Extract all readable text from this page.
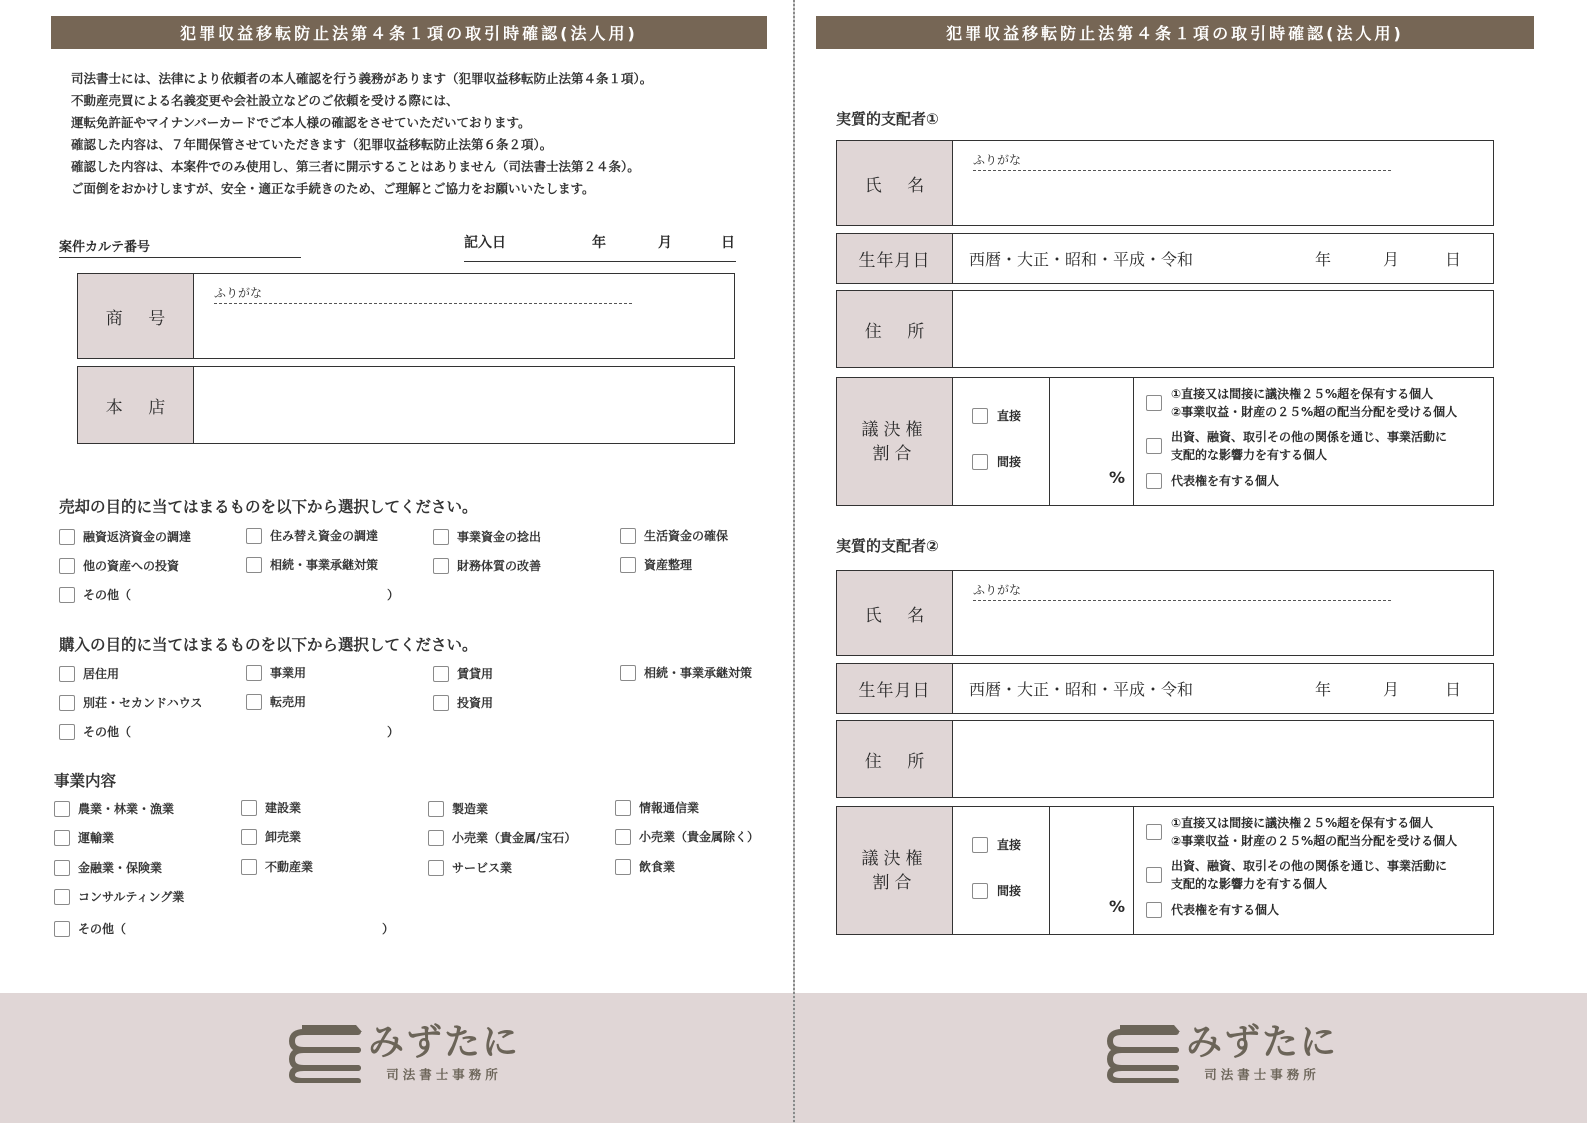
犯罪収益移転防止法第４条１項の取引時確認(法人用)
司法書士には、法律により依頼者の本人確認を行う義務があります（犯罪収益移転防止法第４条１項）。
不動産売買による名義変更や会社設立などのご依頼を受ける際には、
運転免許証やマイナンバーカードでご本人様の確認をさせていただいております。
確認した内容は、７年間保管させていただきます（犯罪収益移転防止法第６条２項）。
確認した内容は、本案件でのみ使用し、第三者に開示することはありません（司法書士法第２４条）。
ご面倒をおかけしますが、安全・適正な手続きのため、ご理解とご協力をお願いいたします。
案件カルテ番号	記入日	年	月	日
商 号
ふりがな
本 店
売却の目的に当てはまるものを以下から選択してください。
融資返済資金の調達	住み替え資金の調達	事業資金の捻出	生活資金の確保
他の資産への投資	相続・事業承継対策	財務体質の改善	資産整理
その他（	）
購入の目的に当てはまるものを以下から選択してください。
居住用	事業用	賃貸用	相続・事業承継対策
別荘・セカンドハウス	転売用	投資用
その他（	）
事業内容
農業・林業・漁業	建設業	製造業	情報通信業
運輸業	卸売業	小売業（貴金属/宝石）	小売業（貴金属除く）
金融業・保険業	不動産業	サービス業	飲食業
コンサルティング業
その他（	）
みずたに
司法書士事務所
犯罪収益移転防止法第４条１項の取引時確認(法人用)
実質的支配者①
氏 名
ふりがな
生年月日	西暦・大正・昭和・平成・令和	年	月	日
住 所
議決権
割合
直接
間接
%
①直接又は間接に議決権２５%超を保有する個人
②事業収益・財産の２５%超の配当分配を受ける個人
出資、融資、取引その他の関係を通じ、事業活動に
支配的な影響力を有する個人
代表権を有する個人
実質的支配者②
氏 名
ふりがな
生年月日	西暦・大正・昭和・平成・令和	年	月	日
住 所
議決権
割合
直接
間接
%
①直接又は間接に議決権２５%超を保有する個人
②事業収益・財産の２５%超の配当分配を受ける個人
出資、融資、取引その他の関係を通じ、事業活動に
支配的な影響力を有する個人
代表権を有する個人
みずたに
司法書士事務所
